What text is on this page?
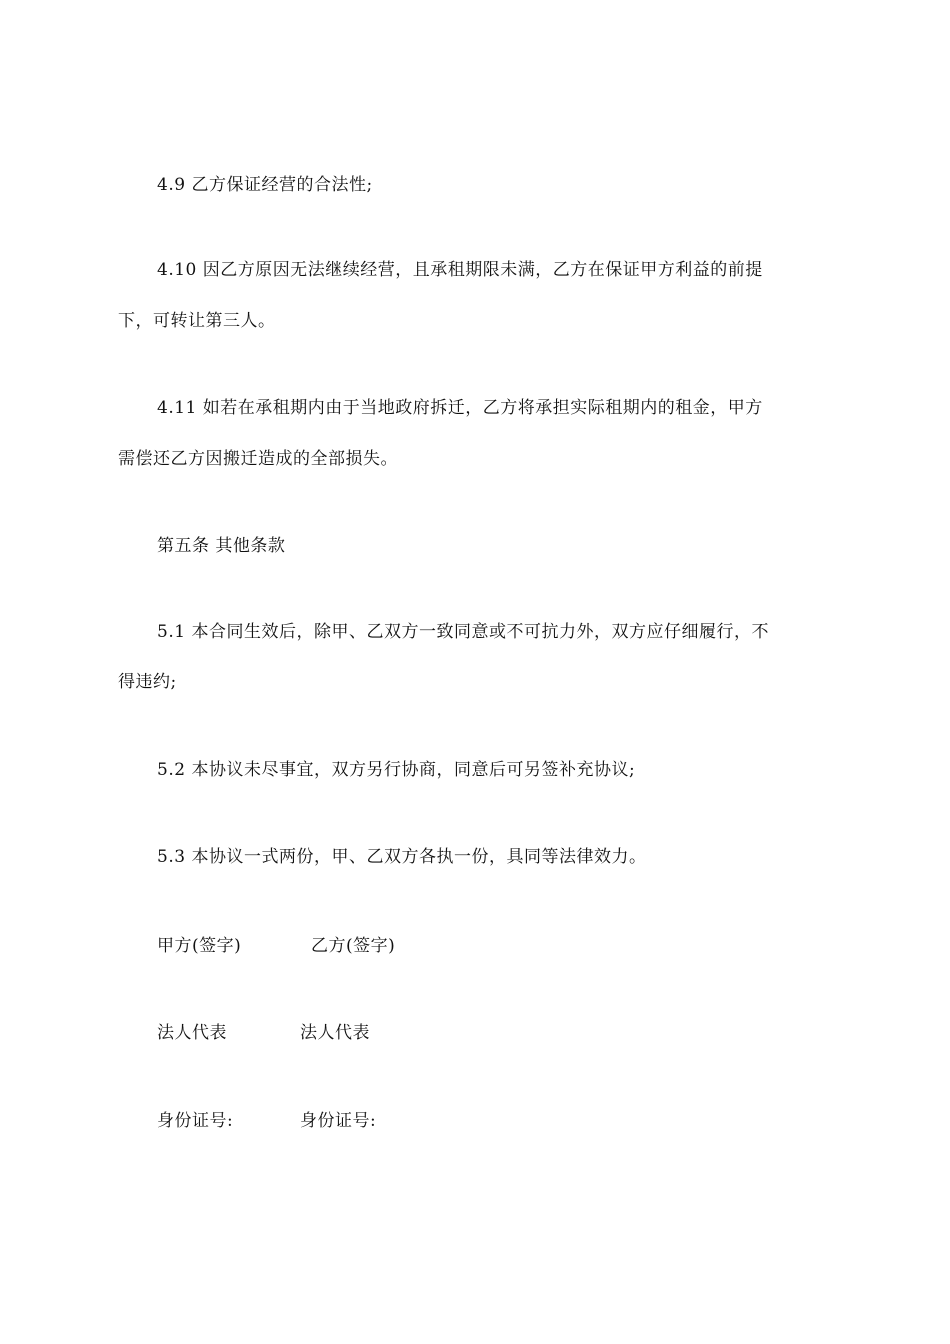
4.9 乙方保证经营的合法性;
4.10 因乙方原因无法继续经营，且承租期限未满，乙方在保证甲方利益的前提
下，可转让第三人。
4.11 如若在承租期内由于当地政府拆迁，乙方将承担实际租期内的租金，甲方
需偿还乙方因搬迁造成的全部损失。
第五条 其他条款
5.1 本合同生效后，除甲、乙双方一致同意或不可抗力外，双方应仔细履行，不
得违约;
5.2 本协议未尽事宜，双方另行协商，同意后可另签补充协议;
5.3 本协议一式两份，甲、乙双方各执一份，具同等法律效力。
甲方(签字)	乙方(签字)
法人代表	法人代表
身份证号:	身份证号:
